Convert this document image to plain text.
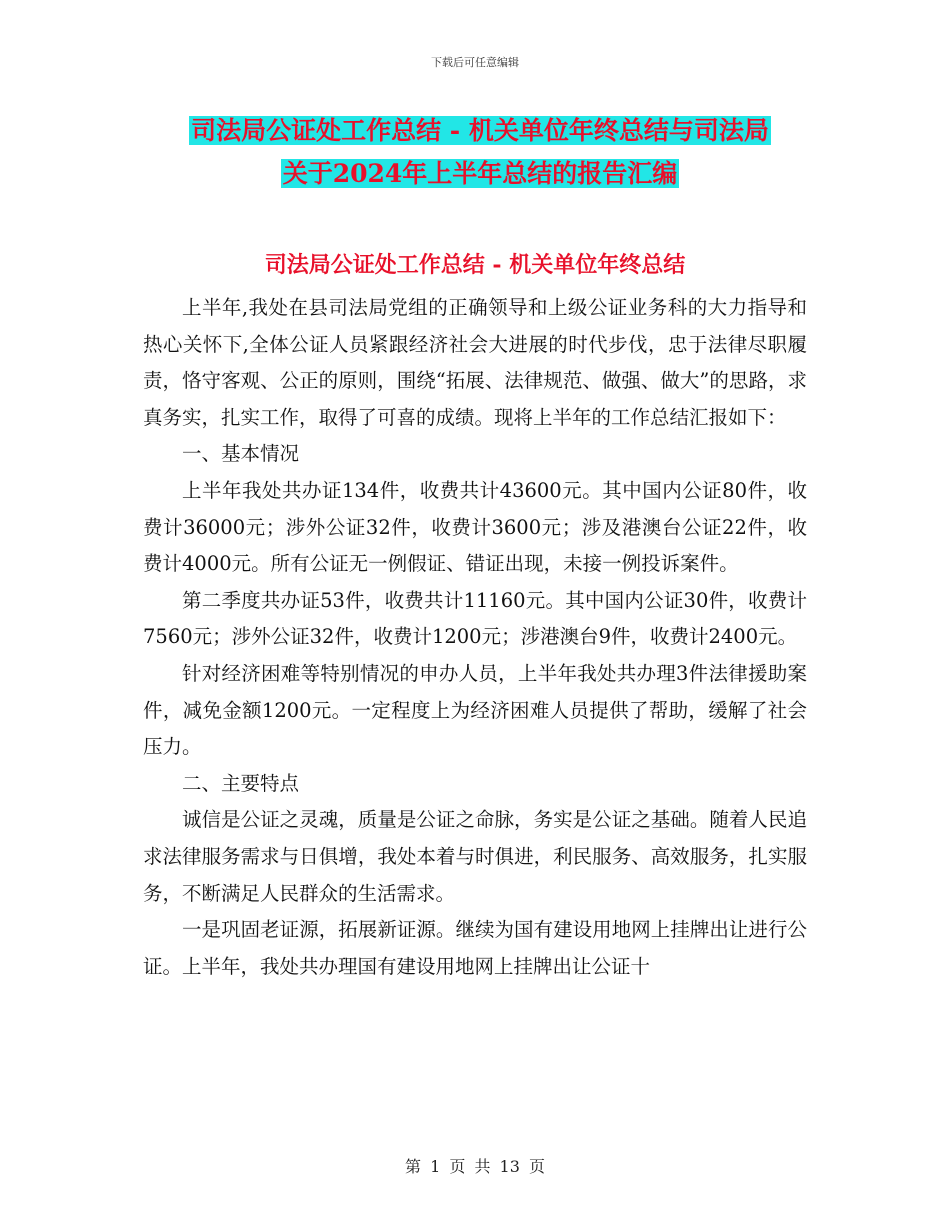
下载后可任意编辑
司法局公证处工作总结 - 机关单位年终总结与司法局
关于2024年上半年总结的报告汇编
司法局公证处工作总结 - 机关单位年终总结

上半年,我处在县司法局党组的正确领导和上级公证业务科的大力指导和热心关怀下,全体公证人员紧跟经济社会大进展的时代步伐，忠于法律尽职履责，恪守客观、公正的原则，围绕“拓展、法律规范、做强、做大”的思路，求真务实，扎实工作，取得了可喜的成绩。现将上半年的工作总结汇报如下：

一、基本情况

上半年我处共办证134件，收费共计43600元。其中国内公证80件，收费计36000元；涉外公证32件，收费计3600元；涉及港澳台公证22件，收费计4000元。所有公证无一例假证、错证出现，未接一例投诉案件。

第二季度共办证53件，收费共计11160元。其中国内公证30件，收费计7560元；涉外公证32件，收费计1200元；涉港澳台9件，收费计2400元。

针对经济困难等特别情况的申办人员，上半年我处共办理3件法律援助案件，减免金额1200元。一定程度上为经济困难人员提供了帮助，缓解了社会压力。

二、主要特点

诚信是公证之灵魂，质量是公证之命脉，务实是公证之基础。随着人民追求法律服务需求与日俱增，我处本着与时俱进，利民服务、高效服务，扎实服务，不断满足人民群众的生活需求。

一是巩固老证源，拓展新证源。继续为国有建设用地网上挂牌出让进行公证。上半年，我处共办理国有建设用地网上挂牌出让公证十

第 1 页 共 13 页
